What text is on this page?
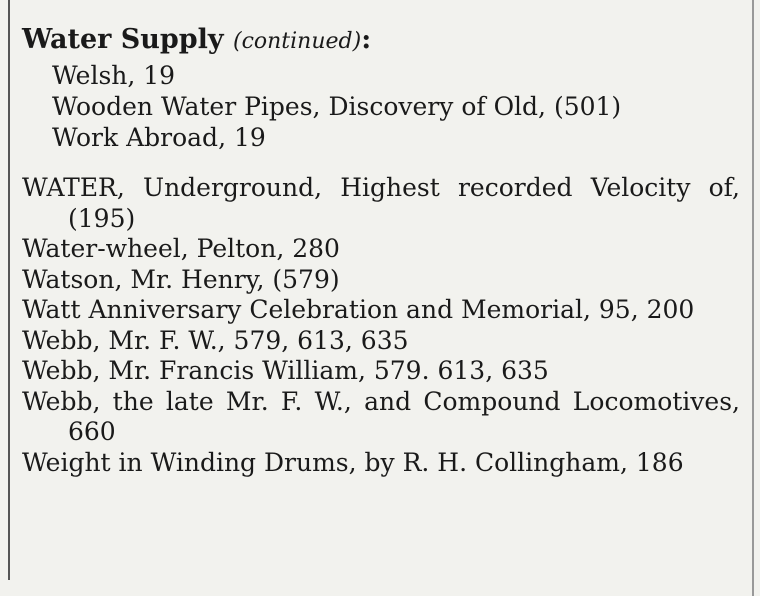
Water Supply (continued):
Welsh, 19
Wooden Water Pipes, Discovery of Old, (501)
Work Abroad, 19
WATER, Underground, Highest recorded Velocity of, (195)
Water-wheel, Pelton, 280
Watson, Mr. Henry, (579)
Watt Anniversary Celebration and Memorial, 95, 200
Webb, Mr. F. W., 579, 613, 635
Webb, Mr. Francis William, 579. 613, 635
Webb, the late Mr. F. W., and Compound Locomotives, 660
Weight in Winding Drums, by R. H. Collingham, 186
